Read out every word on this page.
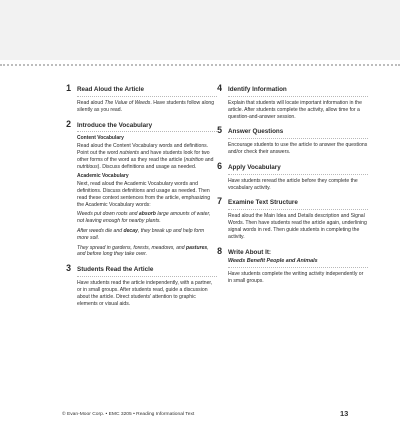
1 Read Aloud the Article

Read aloud The Value of Weeds. Have students follow along silently as you read.

2 Introduce the Vocabulary
Content Vocabulary

Read aloud the Content Vocabulary words and definitions. Point out the word nutrients and have students look for two other forms of the word as they read the article (nutrition and nutritious). Discuss definitions and usage as needed.

Academic Vocabulary

Next, read aloud the Academic Vocabulary words and definitions. Discuss definitions and usage as needed. Then read these context sentences from the article, emphasizing the Academic Vocabulary words:

Weeds put down roots and absorb large amounts of water, not leaving enough for nearby plants.

After weeds die and decay, they break up and help form more soil.

They spread in gardens, forests, meadows, and pastures, and before long they take over.

3 Students Read the Article

Have students read the article independently, with a partner, or in small groups. After students read, guide a discussion about the article. Direct students' attention to graphic elements or visual aids.

4 Identify Information

Explain that students will locate important information in the article. After students complete the activity, allow time for a question-and-answer session.

5 Answer Questions

Encourage students to use the article to answer the questions and/or check their answers.

6 Apply Vocabulary

Have students reread the article before they complete the vocabulary activity.

7 Examine Text Structure

Read aloud the Main Idea and Details description and Signal Words. Then have students read the article again, underlining signal words in red. Then guide students in completing the activity.

8 Write About It:
Weeds Benefit People and Animals

Have students complete the writing activity independently or in small groups.

© Evan-Moor Corp. • EMC 3205 • Reading Informational Text	13
